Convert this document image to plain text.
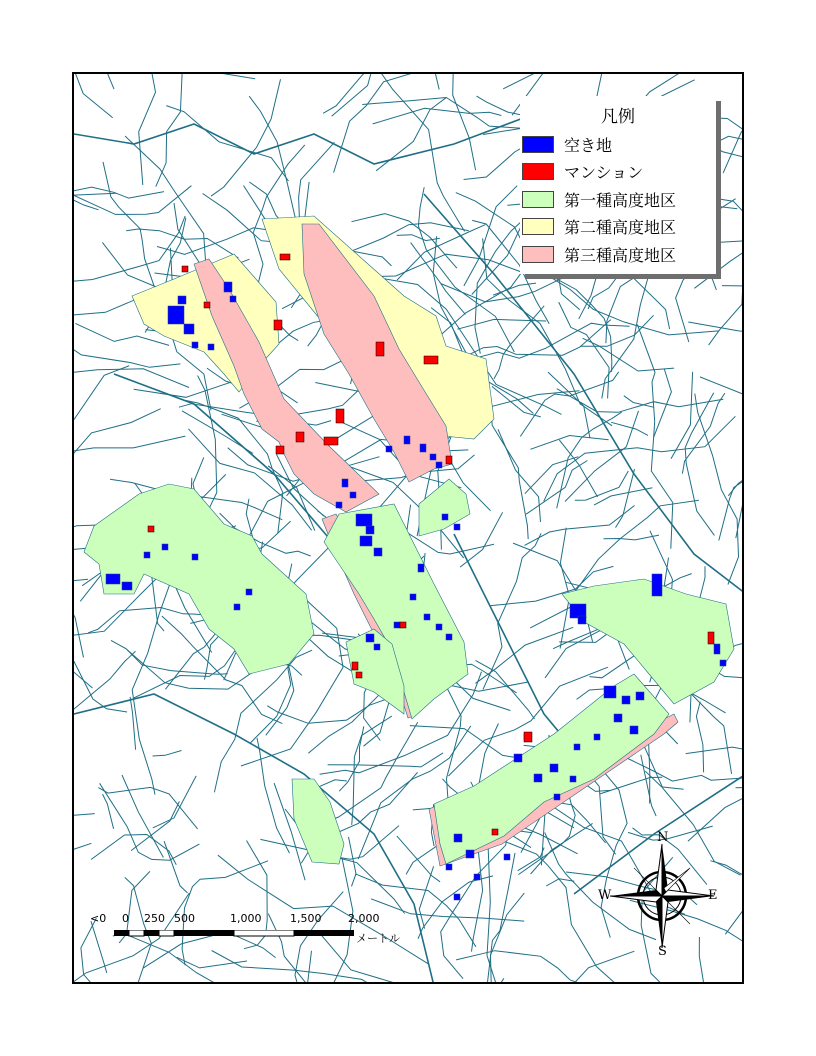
凡例
空き地
マンション
第一種高度地区
第二種高度地区
第三種高度地区
<0 0 250 500	1,000	1,500 2,000
メートル
N
S
E
W
